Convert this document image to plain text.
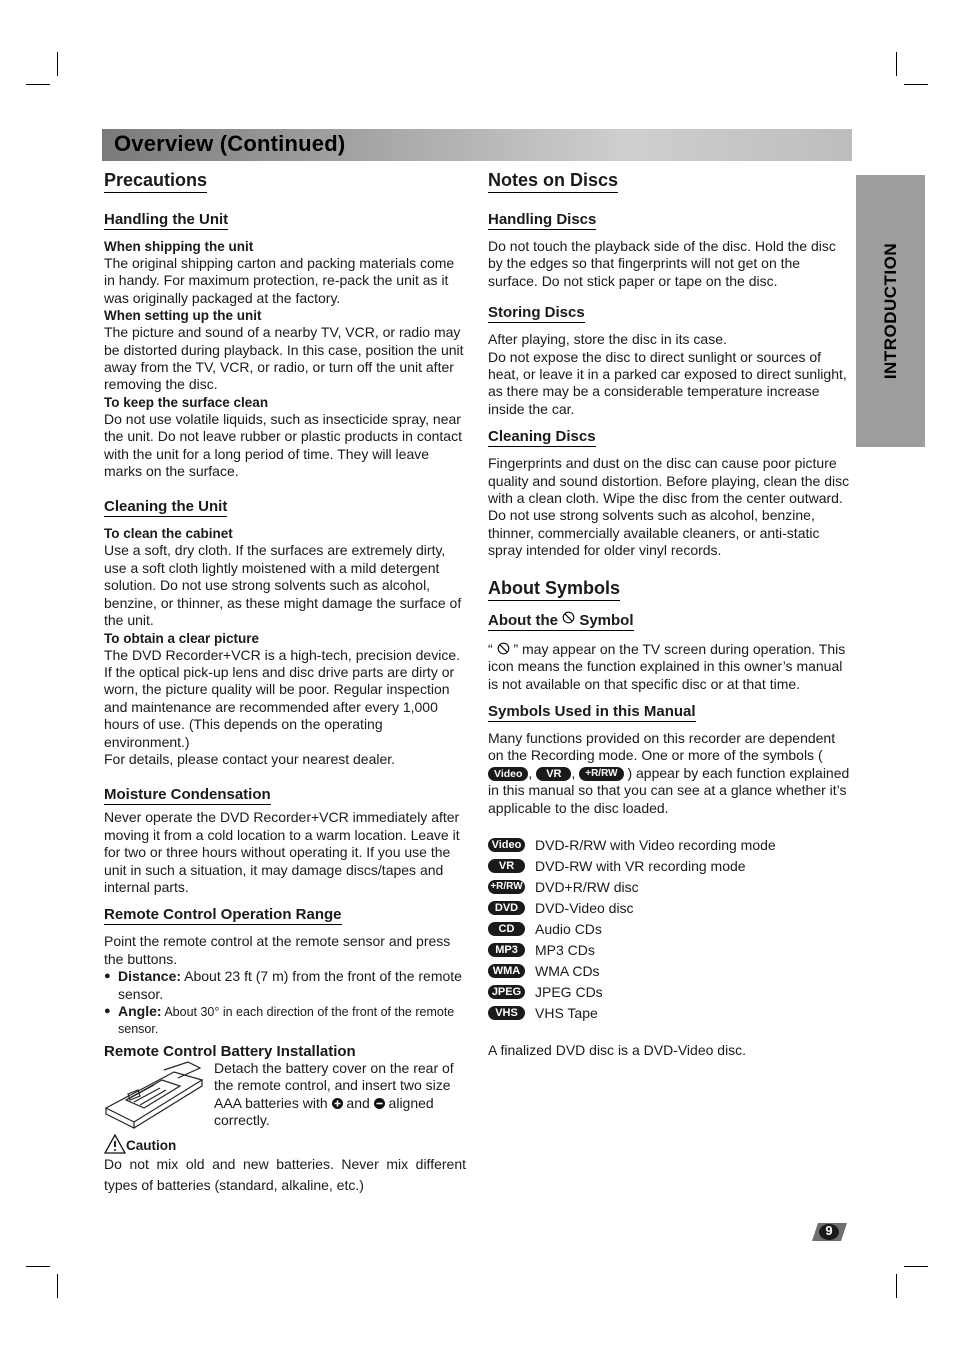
Overview (Continued)
INTRODUCTION
Precautions
Handling the Unit
When shipping the unit

The original shipping carton and packing materials come in handy. For maximum protection, re-pack the unit as it was originally packaged at the factory.

When setting up the unit

The picture and sound of a nearby TV, VCR, or radio may be distorted during playback. In this case, position the unit away from the TV, VCR, or radio, or turn off the unit after removing the disc.

To keep the surface clean

Do not use volatile liquids, such as insecticide spray, near the unit. Do not leave rubber or plastic products in contact with the unit for a long period of time. They will leave marks on the surface.

Cleaning the Unit
To clean the cabinet

Use a soft, dry cloth. If the surfaces are extremely dirty, use a soft cloth lightly moistened with a mild detergent solution. Do not use strong solvents such as alcohol, benzine, or thinner, as these might damage the surface of the unit.

To obtain a clear picture

The DVD Recorder+VCR is a high-tech, precision device. If the optical pick-up lens and disc drive parts are dirty or worn, the picture quality will be poor. Regular inspection and maintenance are recommended after every 1,000 hours of use. (This depends on the operating environment.)

For details, please contact your nearest dealer.

Moisture Condensation

Never operate the DVD Recorder+VCR immediately after moving it from a cold location to a warm location. Leave it for two or three hours without operating it. If you use the unit in such a situation, it may damage discs/tapes and internal parts.

Remote Control Operation Range

Point the remote control at the remote sensor and press the buttons.

● Distance: About 23 ft (7 m) from the front of the remote sensor.
● Angle: About 30° in each direction of the front of the remote sensor.
Remote Control Battery Installation

Detach the battery cover on the rear of the remote control, and insert two size AAA batteries with  and  aligned correctly.

Caution

Do not mix old and new batteries. Never mix different types of batteries (standard, alkaline, etc.)

Notes on Discs
Handling Discs

Do not touch the playback side of the disc. Hold the disc by the edges so that fingerprints will not get on the surface. Do not stick paper or tape on the disc.

Storing Discs

After playing, store the disc in its case.

Do not expose the disc to direct sunlight or sources of heat, or leave it in a parked car exposed to direct sunlight, as there may be a considerable temperature increase inside the car.

Cleaning Discs

Fingerprints and dust on the disc can cause poor picture quality and sound distortion. Before playing, clean the disc with a clean cloth. Wipe the disc from the center outward.

Do not use strong solvents such as alcohol, benzine, thinner, commercially available cleaners, or anti-static spray intended for older vinyl records.

About Symbols
About the  Symbol

“  ” may appear on the TV screen during operation. This icon means the function explained in this owner’s manual is not available on that specific disc or at that time.

Symbols Used in this Manual

Many functions provided on this recorder are dependent on the Recording mode. One or more of the symbols ( Video , VR , +R/RW ) appear by each function explained in this manual so that you can see at a glance whether it’s applicable to the disc loaded.

Video DVD-R/RW with Video recording mode
VR	DVD-RW with VR recording mode
+R/RW DVD+R/RW disc
DVD	DVD-Video disc
CD	Audio CDs
MP3	MP3 CDs
WMA	WMA CDs
JPEG JPEG CDs
VHS	VHS Tape

A finalized DVD disc is a DVD-Video disc.

9
